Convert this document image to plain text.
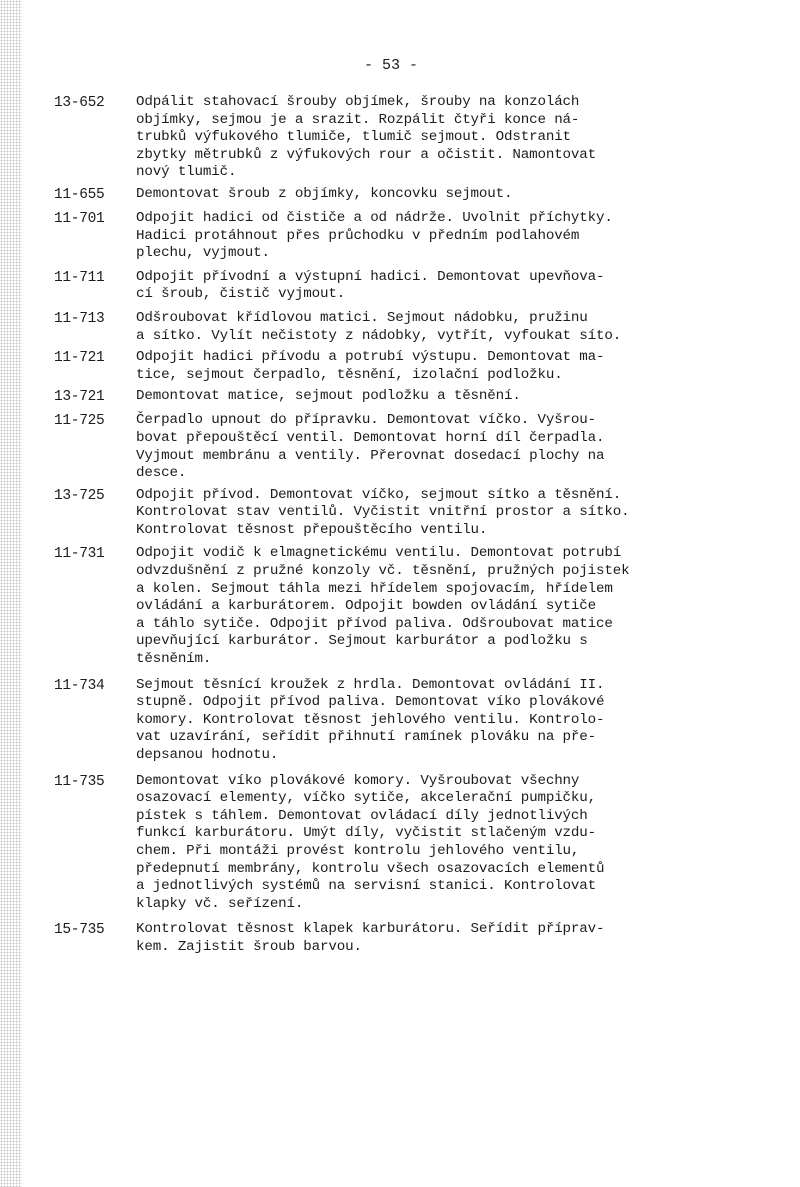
- 53 -
13-652	Odpálit stahovací šrouby objímek, šrouby na konzolách
objímky, sejmou je a srazit. Rozpálit čtyři konce ná-
trubků výfukového tlumiče, tlumič sejmout. Odstranit
zbytky mětrubků z výfukových rour a očistit. Namontovat
nový tlumič.
11-655	Demontovat šroub z objímky, koncovku sejmout.
11-701	Odpojit hadici od čističe a od nádrže. Uvolnit příchytky.
Hadici protáhnout přes průchodku v předním podlahovém
plechu, vyjmout.
11-711	Odpojit přívodní a výstupní hadici. Demontovat upevňova-
cí šroub, čistič vyjmout.
11-713	Odšroubovat křídlovou matici. Sejmout nádobku, pružinu
a sítko. Vylít nečistoty z nádobky, vytřít, vyfoukat síto.
11-721	Odpojit hadici přívodu a potrubí výstupu. Demontovat ma-
tice, sejmout čerpadlo, těsnění, izolační podložku.
13-721	Demontovat matice, sejmout podložku a těsnění.
11-725	Čerpadlo upnout do přípravku. Demontovat víčko. Vyšrou-
bovat přepouštěcí ventil. Demontovat horní díl čerpadla.
Vyjmout membránu a ventily. Přerovnat dosedací plochy na
desce.
13-725	Odpojit přívod. Demontovat víčko, sejmout sítko a těsnění.
Kontrolovat stav ventilů. Vyčistit vnitřní prostor a sítko.
Kontrolovat těsnost přepouštěcího ventilu.
11-731	Odpojit vodič k elmagnetickému ventilu. Demontovat potrubí
odvzdušnění z pružné konzoly vč. těsnění, pružných pojistek
a kolen. Sejmout táhla mezi hřídelem spojovacím, hřídelem
ovládání a karburátorem. Odpojit bowden ovládání sytiče
a táhlo sytiče. Odpojit přívod paliva. Odšroubovat matice
upevňující karburátor. Sejmout karburátor a podložku s
těsněním.
11-734	Sejmout těsnící kroužek z hrdla. Demontovat ovládání II.
stupně. Odpojit přívod paliva. Demontovat víko plovákové
komory. Kontrolovat těsnost jehlového ventilu. Kontrolo-
vat uzavírání, seřídit přihnutí ramínek plováku na pře-
depsanou hodnotu.
11-735	Demontovat víko plovákové komory. Vyšroubovat všechny
osazovací elementy, víčko sytiče, akcelerační pumpičku,
pístek s táhlem. Demontovat ovládací díly jednotlivých
funkcí karburátoru. Umýt díly, vyčistit stlačeným vzdu-
chem. Při montáži provést kontrolu jehlového ventilu,
předepnutí membrány, kontrolu všech osazovacích elementů
a jednotlivých systémů na servisní stanici. Kontrolovat
klapky vč. seřízení.
15-735	Kontrolovat těsnost klapek karburátoru. Seřídit příprav-
kem. Zajistit šroub barvou.
